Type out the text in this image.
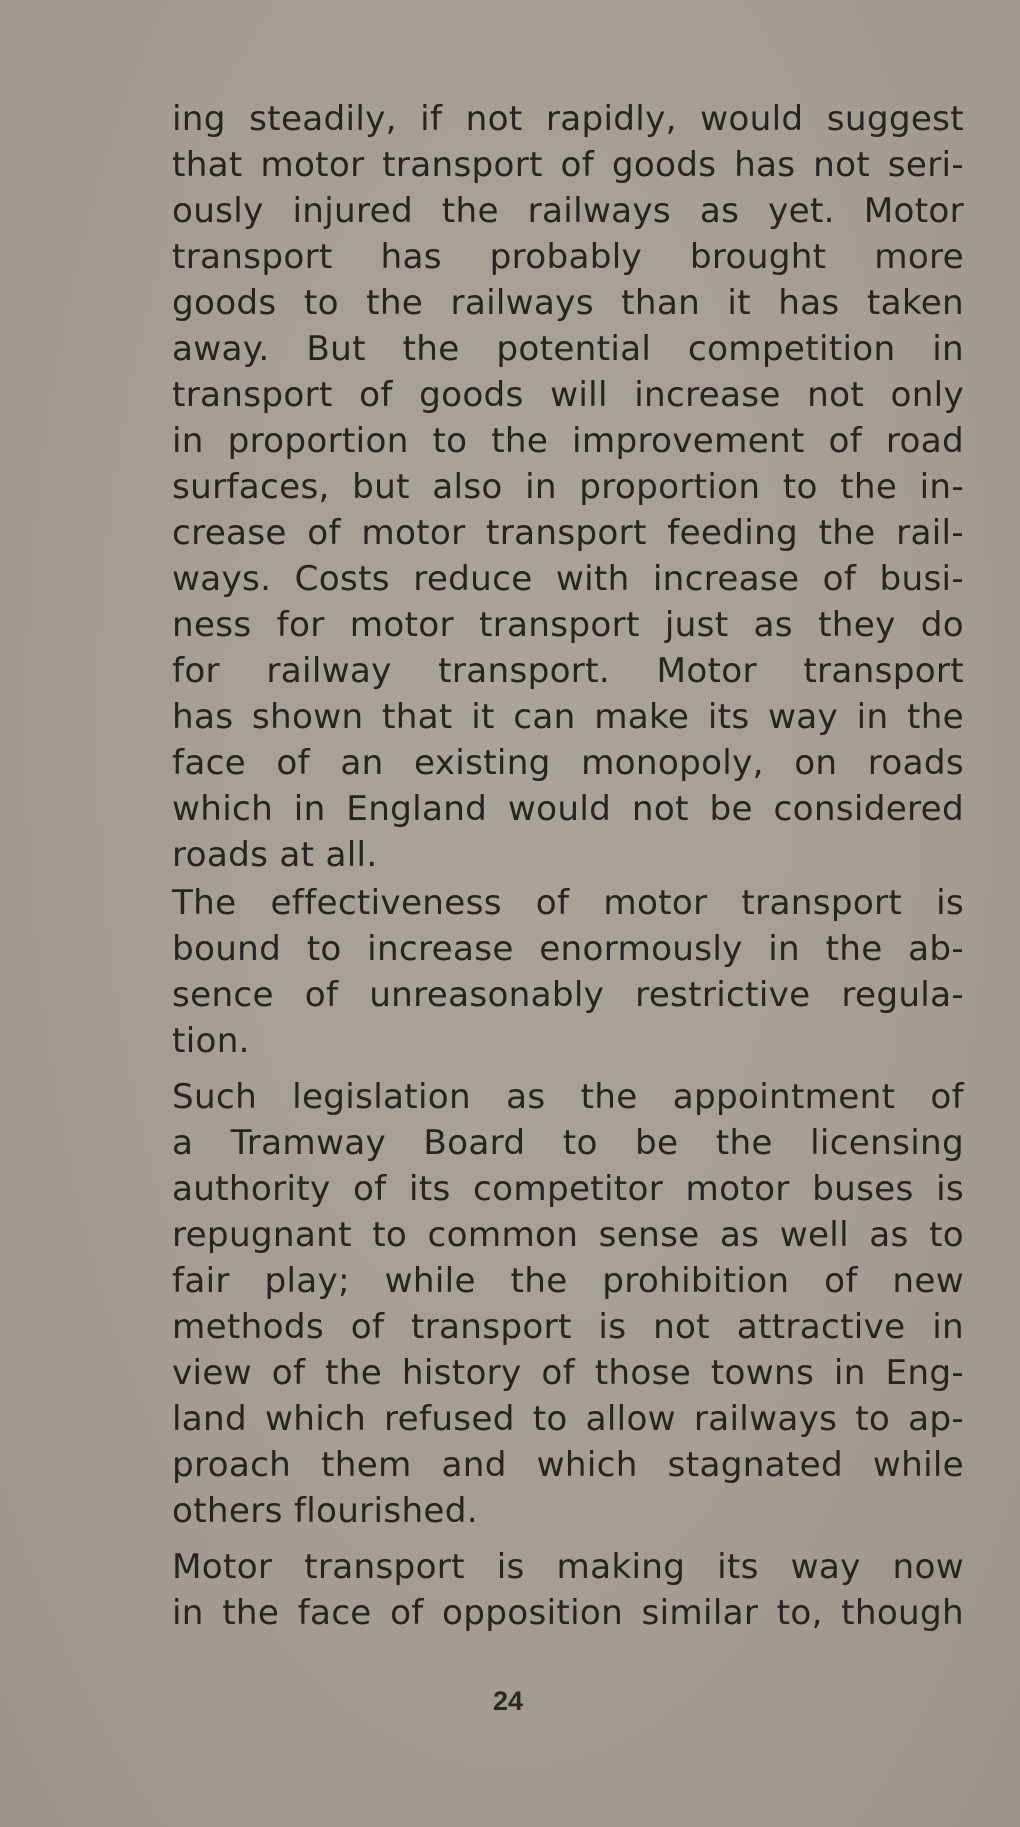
ing steadily, if not rapidly, would suggest
that motor transport of goods has not seri-
ously injured the railways as yet. Motor
transport has probably brought more
goods to the railways than it has taken
away. But the potential competition in
transport of goods will increase not only
in proportion to the improvement of road
surfaces, but also in proportion to the in-
crease of motor transport feeding the rail-
ways. Costs reduce with increase of busi-
ness for motor transport just as they do
for railway transport. Motor transport
has shown that it can make its way in the
face of an existing monopoly, on roads
which in England would not be considered
roads at all.
The effectiveness of motor transport is
bound to increase enormously in the ab-
sence of unreasonably restrictive regula-
tion.
Such legislation as the appointment of
a Tramway Board to be the licensing
authority of its competitor motor buses is
repugnant to common sense as well as to
fair play; while the prohibition of new
methods of transport is not attractive in
view of the history of those towns in Eng-
land which refused to allow railways to ap-
proach them and which stagnated while
others flourished.
Motor transport is making its way now
in the face of opposition similar to, though
24
